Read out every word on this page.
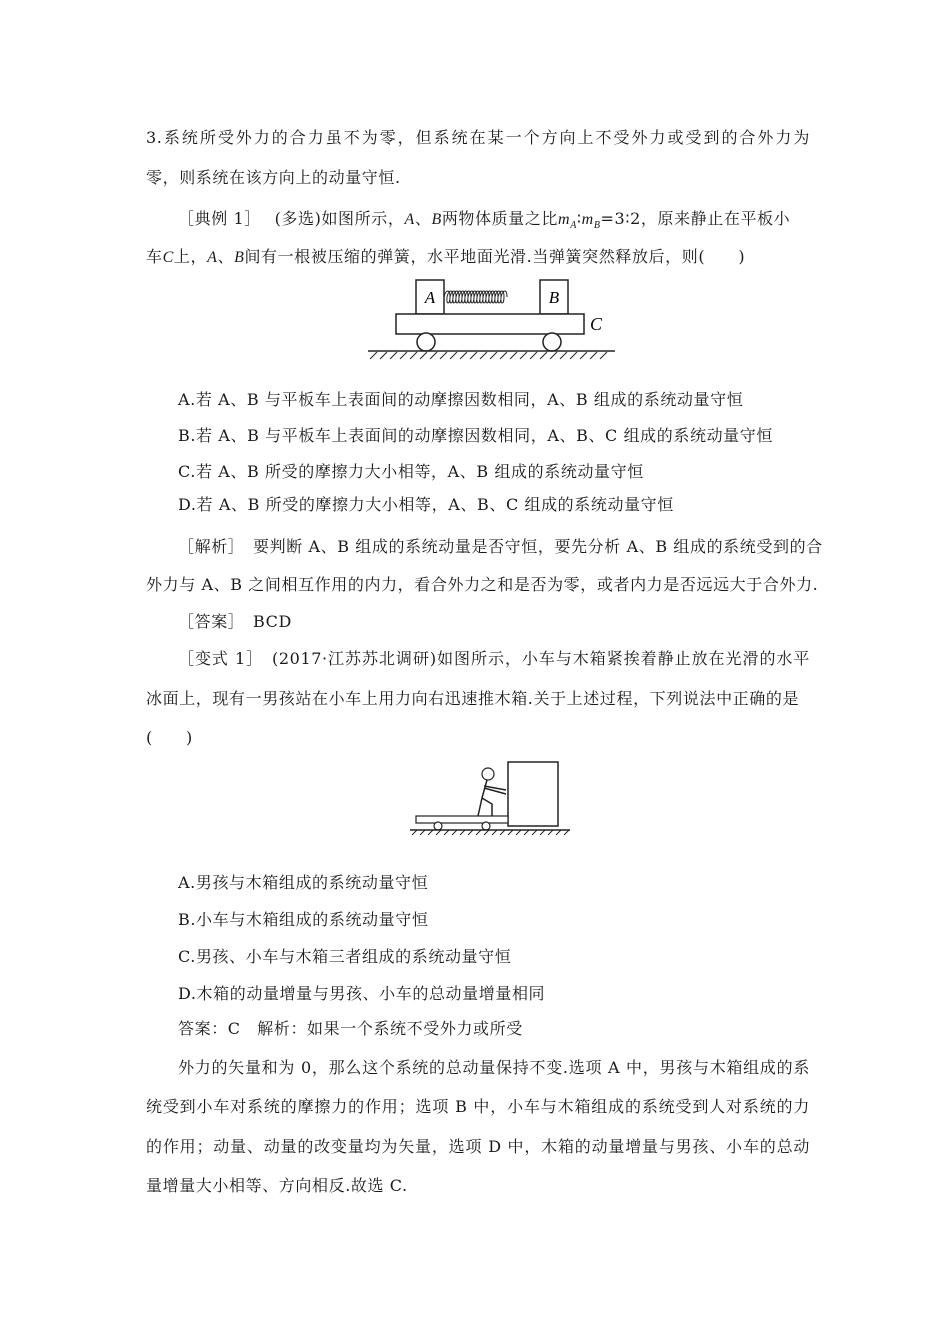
3.系统所受外力的合力虽不为零，但系统在某一个方向上不受外力或受到的合外力为
零，则系统在该方向上的动量守恒.
［典例 1］ (多选)如图所示，A、B两物体质量之比$m_A∶m_B=3∶2$，原来静止在平板小
车C上，A、B间有一根被压缩的弹簧，水平地面光滑.当弹簧突然释放后，则(　　)
A	B
C
A.若 A、B 与平板车上表面间的动摩擦因数相同，A、B 组成的系统动量守恒
B.若 A、B 与平板车上表面间的动摩擦因数相同，A、B、C 组成的系统动量守恒
C.若 A、B 所受的摩擦力大小相等，A、B 组成的系统动量守恒
D.若 A、B 所受的摩擦力大小相等，A、B、C 组成的系统动量守恒
［解析］　要判断 A、B 组成的系统动量是否守恒，要先分析 A、B 组成的系统受到的合
外力与 A、B 之间相互作用的内力，看合外力之和是否为零，或者内力是否远远大于合外力.
［答案］　BCD
［变式 1］　(2017·江苏苏北调研)如图所示，小车与木箱紧挨着静止放在光滑的水平
冰面上，现有一男孩站在小车上用力向右迅速推木箱.关于上述过程，下列说法中正确的是
(　　)
A.男孩与木箱组成的系统动量守恒
B.小车与木箱组成的系统动量守恒
C.男孩、小车与木箱三者组成的系统动量守恒
D.木箱的动量增量与男孩、小车的总动量增量相同
答案：C　解析：如果一个系统不受外力或所受
外力的矢量和为 0，那么这个系统的总动量保持不变.选项 A 中，男孩与木箱组成的系
统受到小车对系统的摩擦力的作用；选项 B 中，小车与木箱组成的系统受到人对系统的力
的作用；动量、动量的改变量均为矢量，选项 D 中，木箱的动量增量与男孩、小车的总动
量增量大小相等、方向相反.故选 C.
